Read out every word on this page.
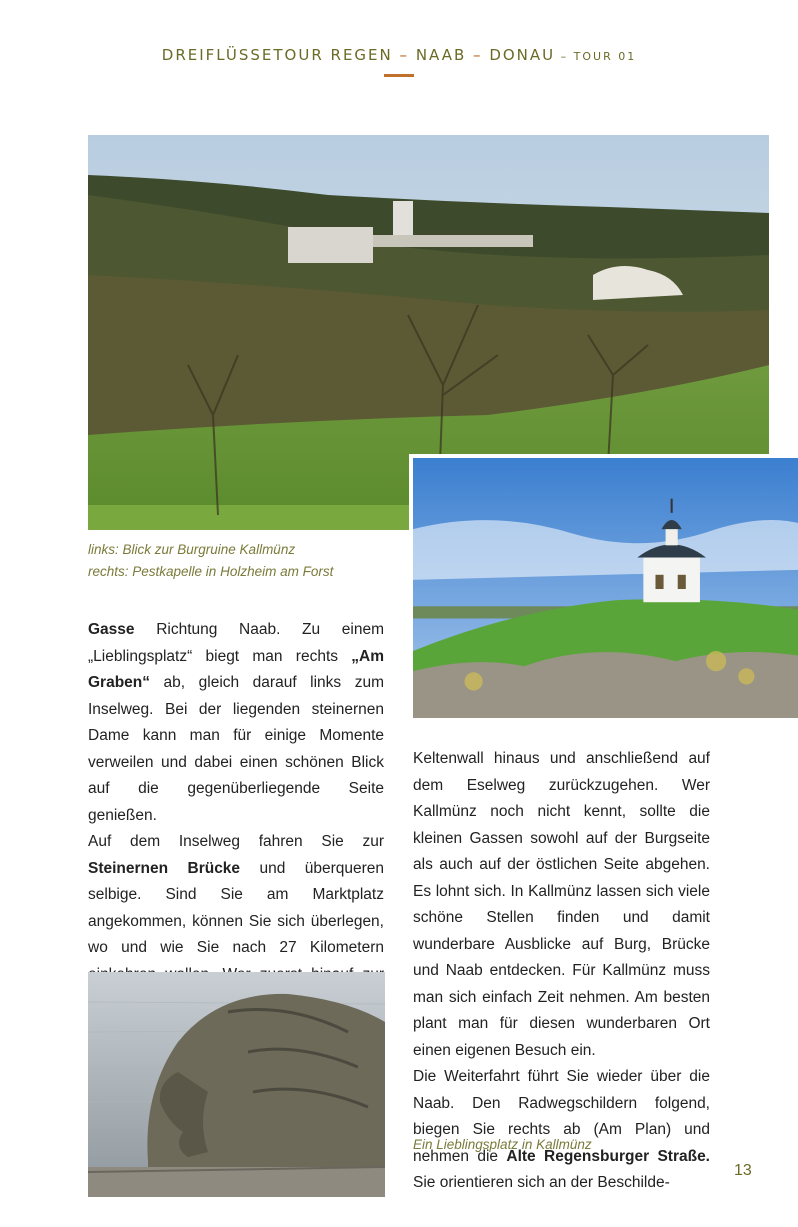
DREIFLÜSSETOUR REGEN – NAAB – DONAU – TOUR 01
links: Blick zur Burgruine Kallmünz
rechts: Pestkapelle in Holzheim am Forst

Gasse Richtung Naab. Zu einem „Lieblingsplatz“ biegt man rechts „Am Graben“ ab, gleich darauf links zum Inselweg. Bei der liegenden steinernen Dame kann man für einige Momente verweilen und dabei einen schönen Blick auf die gegenüberliegende Seite genießen.

Auf dem Inselweg fahren Sie zur Steinernen Brücke und überqueren selbige. Sind Sie am Marktplatz angekommen, können Sie sich überlegen, wo und wie Sie nach 27 Kilometern

Keltenwall hinaus und anschließend auf dem Eselweg zurückzugehen. Wer Kallmünz noch nicht kennt, sollte die kleinen Gassen sowohl auf der Burgseite als auch auf der östlichen Seite abgehen. Es lohnt sich. In Kallmünz lassen sich viele schöne Stellen finden und damit wunderbare Ausblicke auf Burg, Brücke und Naab entdecken. Für Kallmünz muss man sich einfach Zeit nehmen. Am besten plant man für diesen wunderbaren Ort einen eigenen Besuch ein.

Die Weiterfahrt führt Sie wieder über die Naab. Den Radwegschildern folgend, biegen Sie rechts ab (Am Plan) und nehmen die Alte Regensburger Straße. Sie orientieren sich an der Beschilde-

Ein Lieblingsplatz in Kallmünz
13
